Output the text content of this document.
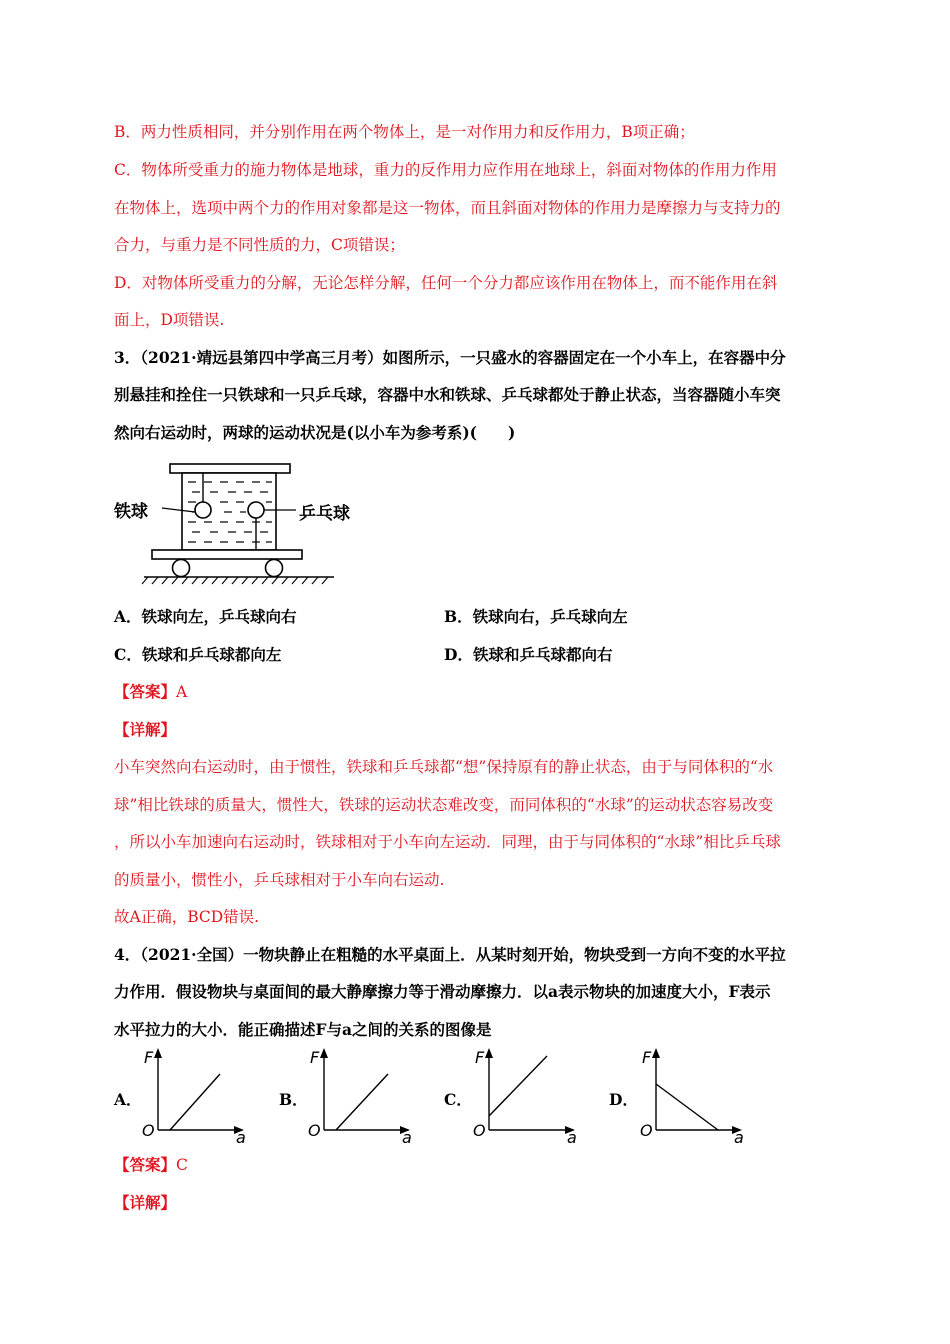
B．两力性质相同，并分别作用在两个物体上，是一对作用力和反作用力，B项正确；
C．物体所受重力的施力物体是地球，重力的反作用力应作用在地球上，斜面对物体的作用力作用
在物体上，选项中两个力的作用对象都是这一物体，而且斜面对物体的作用力是摩擦力与支持力的
合力，与重力是不同性质的力，C项错误；
D．对物体所受重力的分解，无论怎样分解，任何一个分力都应该作用在物体上，而不能作用在斜
面上，D项错误.
3．（2021·靖远县第四中学高三月考）如图所示，一只盛水的容器固定在一个小车上，在容器中分
别悬挂和拴住一只铁球和一只乒乓球，容器中水和铁球、乒乓球都处于静止状态，当容器随小车突
然向右运动时，两球的运动状况是(以小车为参考系)(　　)
铁球	乒乓球
A．铁球向左，乒乓球向右	B．铁球向右，乒乓球向左
C．铁球和乒乓球都向左	D．铁球和乒乓球都向右
【答案】A
【详解】
小车突然向右运动时，由于惯性，铁球和乒乓球都“想”保持原有的静止状态，由于与同体积的“水
球”相比铁球的质量大，惯性大，铁球的运动状态难改变，而同体积的“水球”的运动状态容易改变
，所以小车加速向右运动时，铁球相对于小车向左运动．同理，由于与同体积的“水球”相比乒乓球
的质量小，惯性小，乒乓球相对于小车向右运动.
故A正确，BCD错误.
4．（2021·全国）一物块静止在粗糙的水平桌面上．从某时刻开始，物块受到一方向不变的水平拉
力作用．假设物块与桌面间的最大静摩擦力等于滑动摩擦力．以a表示物块的加速度大小，F表示
水平拉力的大小．能正确描述F与a之间的关系的图像是
A．	B．	C．	D．
F
O	a
F
O	a
F
O	a
F
O	a
【答案】C
【详解】
